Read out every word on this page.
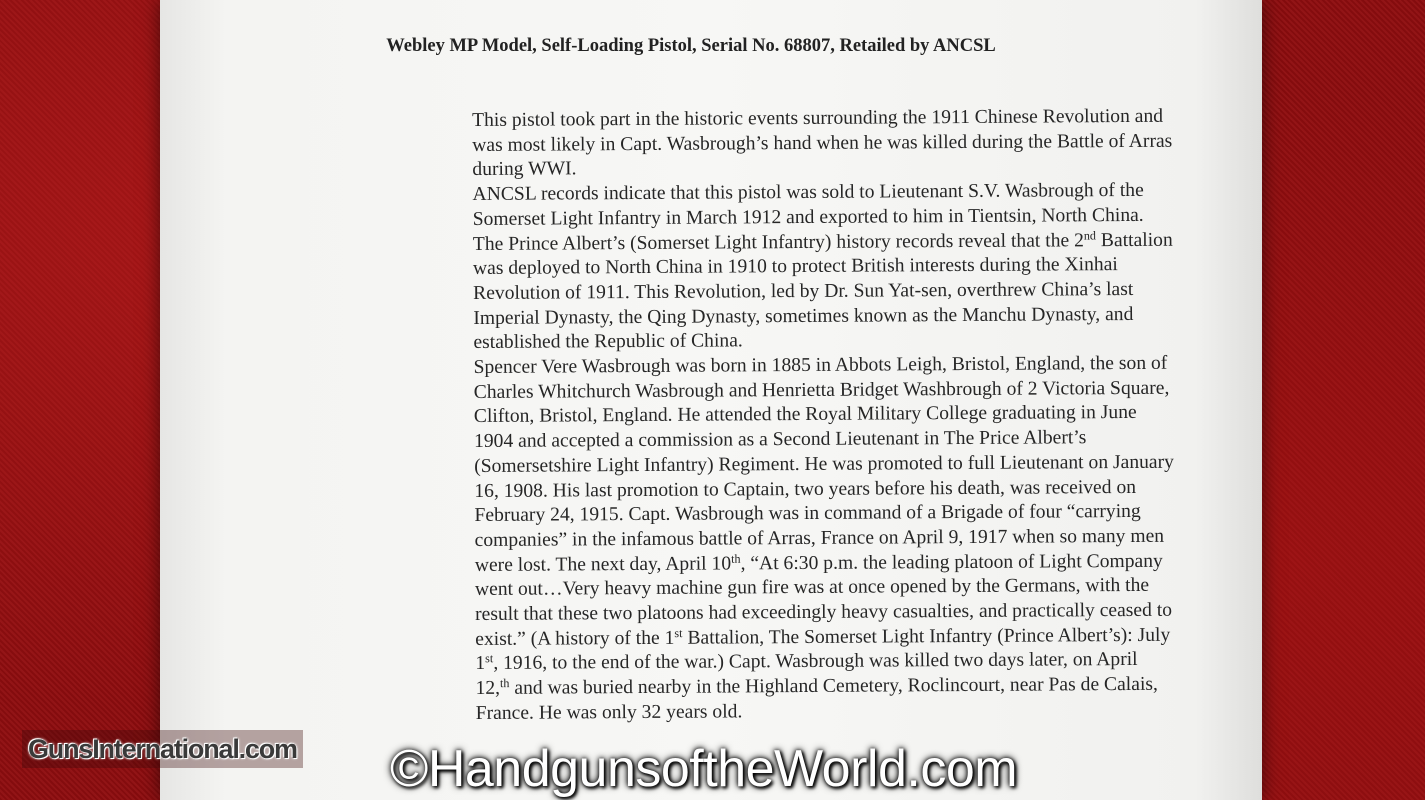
Webley MP Model, Self-Loading Pistol, Serial No. 68807, Retailed by ANCSL
This pistol took part in the historic events surrounding the 1911 Chinese Revolution and
was most likely in Capt. Wasbrough’s hand when he was killed during the Battle of Arras
during WWI.
ANCSL records indicate that this pistol was sold to Lieutenant S.V. Wasbrough of the
Somerset Light Infantry in March 1912 and exported to him in Tientsin, North China.
The Prince Albert’s (Somerset Light Infantry) history records reveal that the 2nd Battalion
was deployed to North China in 1910 to protect British interests during the Xinhai
Revolution of 1911. This Revolution, led by Dr. Sun Yat-sen, overthrew China’s last
Imperial Dynasty, the Qing Dynasty, sometimes known as the Manchu Dynasty, and
established the Republic of China.
Spencer Vere Wasbrough was born in 1885 in Abbots Leigh, Bristol, England, the son of
Charles Whitchurch Wasbrough and Henrietta Bridget Washbrough of 2 Victoria Square,
Clifton, Bristol, England. He attended the Royal Military College graduating in June
1904 and accepted a commission as a Second Lieutenant in The Price Albert’s
(Somersetshire Light Infantry) Regiment. He was promoted to full Lieutenant on January
16, 1908. His last promotion to Captain, two years before his death, was received on
February 24, 1915. Capt. Wasbrough was in command of a Brigade of four “carrying
companies” in the infamous battle of Arras, France on April 9, 1917 when so many men
were lost. The next day, April 10th, “At 6:30 p.m. the leading platoon of Light Company
went out…Very heavy machine gun fire was at once opened by the Germans, with the
result that these two platoons had exceedingly heavy casualties, and practically ceased to
exist.” (A history of the 1st Battalion, The Somerset Light Infantry (Prince Albert’s): July
1st, 1916, to the end of the war.) Capt. Wasbrough was killed two days later, on April
12,$^{th}$ and was buried nearby in the Highland Cemetery, Roclincourt, near Pas de Calais,
France. He was only 32 years old.
GunsInternational.com ©HandgunsoftheWorld.com
